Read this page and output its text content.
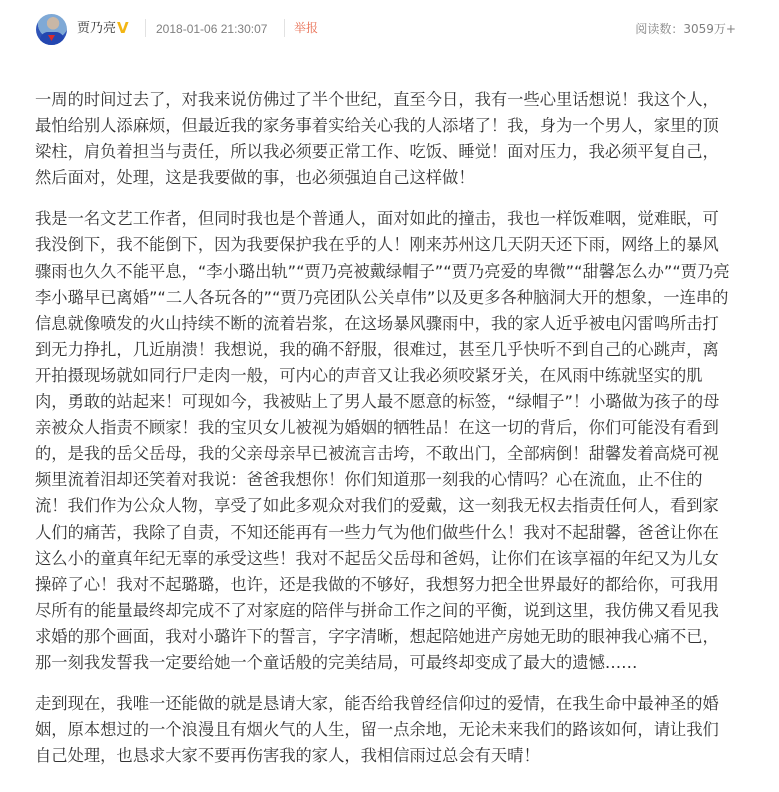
贾乃亮 V 2018-01-06 21:30:07 举报	阅读数：3059万+

一周的时间过去了，对我来说仿佛过了半个世纪，直至今日，我有一些心里话想说！我这个人，最怕给别人添麻烦，但最近我的家务事着实给关心我的人添堵了！我，身为一个男人，家里的顶梁柱，肩负着担当与责任，所以我必须要正常工作、吃饭、睡觉！面对压力，我必须平复自己，然后面对，处理，这是我要做的事，也必须强迫自己这样做！

我是一名文艺工作者，但同时我也是个普通人，面对如此的撞击，我也一样饭难咽，觉难眠，可我没倒下，我不能倒下，因为我要保护我在乎的人！刚来苏州这几天阴天还下雨，网络上的暴风骤雨也久久不能平息，“李小璐出轨”“贾乃亮被戴绿帽子”“贾乃亮爱的卑微”“甜馨怎么办”“贾乃亮李小璐早已离婚”“二人各玩各的”“贾乃亮团队公关卓伟”以及更多各种脑洞大开的想象，一连串的信息就像喷发的火山持续不断的流着岩浆，在这场暴风骤雨中，我的家人近乎被电闪雷鸣所击打到无力挣扎，几近崩溃！我想说，我的确不舒服，很难过，甚至几乎快听不到自己的心跳声，离开拍摄现场就如同行尸走肉一般，可内心的声音又让我必须咬紧牙关，在风雨中练就坚实的肌肉，勇敢的站起来！可现如今，我被贴上了男人最不愿意的标签，“绿帽子”！小璐做为孩子的母亲被众人指责不顾家！我的宝贝女儿被视为婚姻的牺牲品！在这一切的背后，你们可能没有看到的，是我的岳父岳母，我的父亲母亲早已被流言击垮，不敢出门，全部病倒！甜馨发着高烧可视频里流着泪却还笑着对我说：爸爸我想你！你们知道那一刻我的心情吗？心在流血，止不住的流！我们作为公众人物，享受了如此多观众对我们的爱戴，这一刻我无权去指责任何人，看到家人们的痛苦，我除了自责，不知还能再有一些力气为他们做些什么！我对不起甜馨，爸爸让你在这么小的童真年纪无辜的承受这些！我对不起岳父岳母和爸妈，让你们在该享福的年纪又为儿女操碎了心！我对不起璐璐，也许，还是我做的不够好，我想努力把全世界最好的都给你，可我用尽所有的能量最终却完成不了对家庭的陪伴与拼命工作之间的平衡，说到这里，我仿佛又看见我求婚的那个画面，我对小璐许下的誓言，字字清晰，想起陪她进产房她无助的眼神我心痛不已，那一刻我发誓我一定要给她一个童话般的完美结局，可最终却变成了最大的遗憾……

走到现在，我唯一还能做的就是恳请大家，能否给我曾经信仰过的爱情，在我生命中最神圣的婚姻，原本想过的一个浪漫且有烟火气的人生，留一点余地，无论未来我们的路该如何，请让我们自己处理，也恳求大家不要再伤害我的家人，我相信雨过总会有天晴！
